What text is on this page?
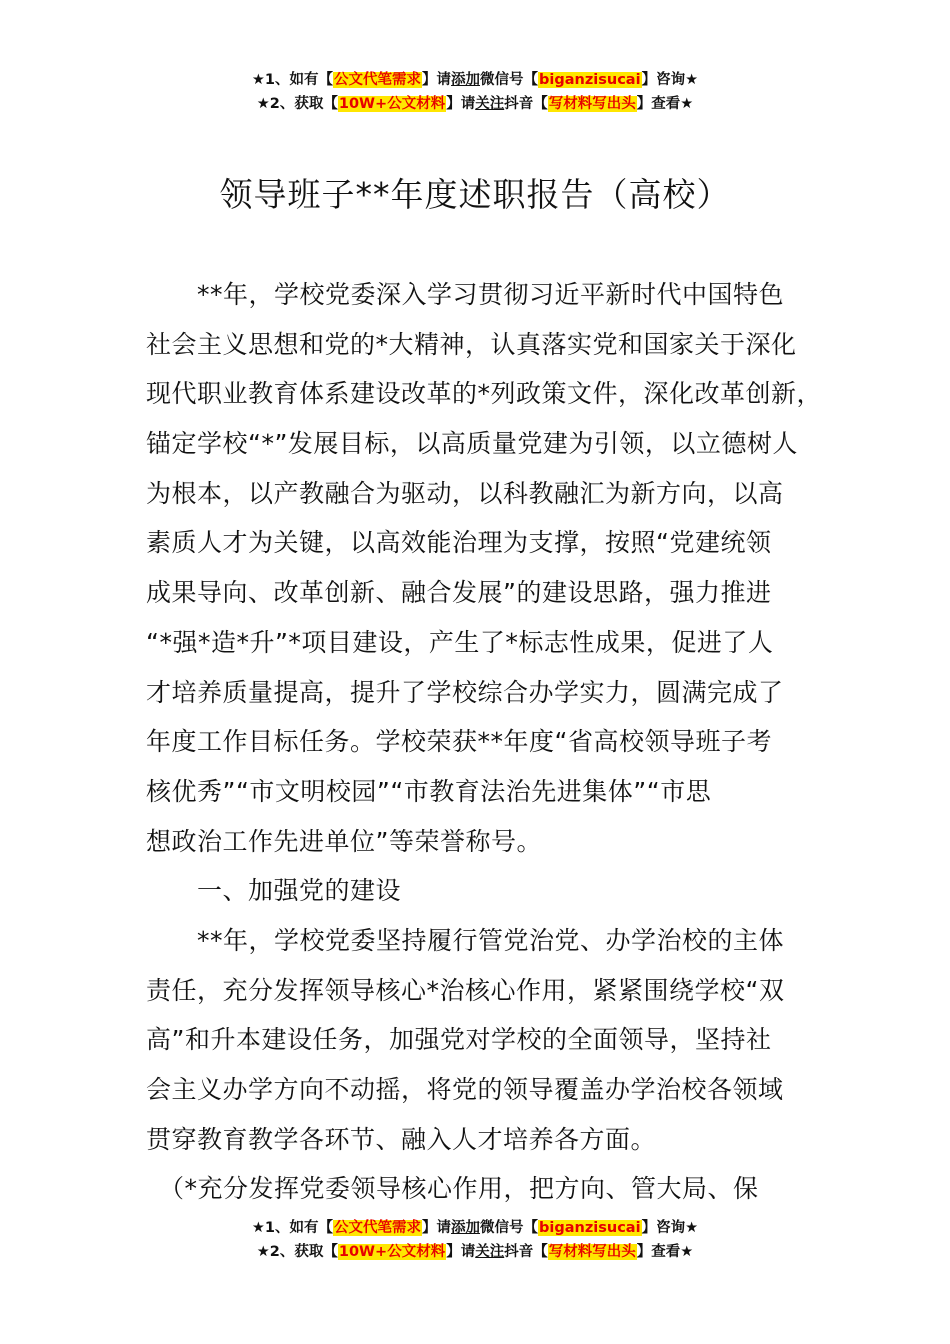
★1、如有【公文代笔需求】请添加微信号【biganzisucai】咨询★
★2、获取【10W+公文材料】请关注抖音【写材料写出头】查看★
领导班子**年度述职报告（高校）
　　**年，学校党委深入学习贯彻习近平新时代中国特色
社会主义思想和党的*大精神，认真落实党和国家关于深化
现代职业教育体系建设改革的*列政策文件，深化改革创新，
锚定学校“*”发展目标，以高质量党建为引领，以立德树人
为根本，以产教融合为驱动，以科教融汇为新方向，以高
素质人才为关键，以高效能治理为支撑，按照“党建统领
成果导向、改革创新、融合发展”的建设思路，强力推进
“*强*造*升”*项目建设，产生了*标志性成果，促进了人
才培养质量提高，提升了学校综合办学实力，圆满完成了
年度工作目标任务。学校荣获**年度“省高校领导班子考
核优秀”“市文明校园”“市教育法治先进集体”“市思
想政治工作先进单位”等荣誉称号。
　　一、加强党的建设
　　**年，学校党委坚持履行管党治党、办学治校的主体
责任，充分发挥领导核心*治核心作用，紧紧围绕学校“双
高”和升本建设任务，加强党对学校的全面领导，坚持社
会主义办学方向不动摇，将党的领导覆盖办学治校各领域
贯穿教育教学各环节、融入人才培养各方面。
　（*充分发挥党委领导核心作用，把方向、管大局、保
★1、如有【公文代笔需求】请添加微信号【biganzisucai】咨询★
★2、获取【10W+公文材料】请关注抖音【写材料写出头】查看★
